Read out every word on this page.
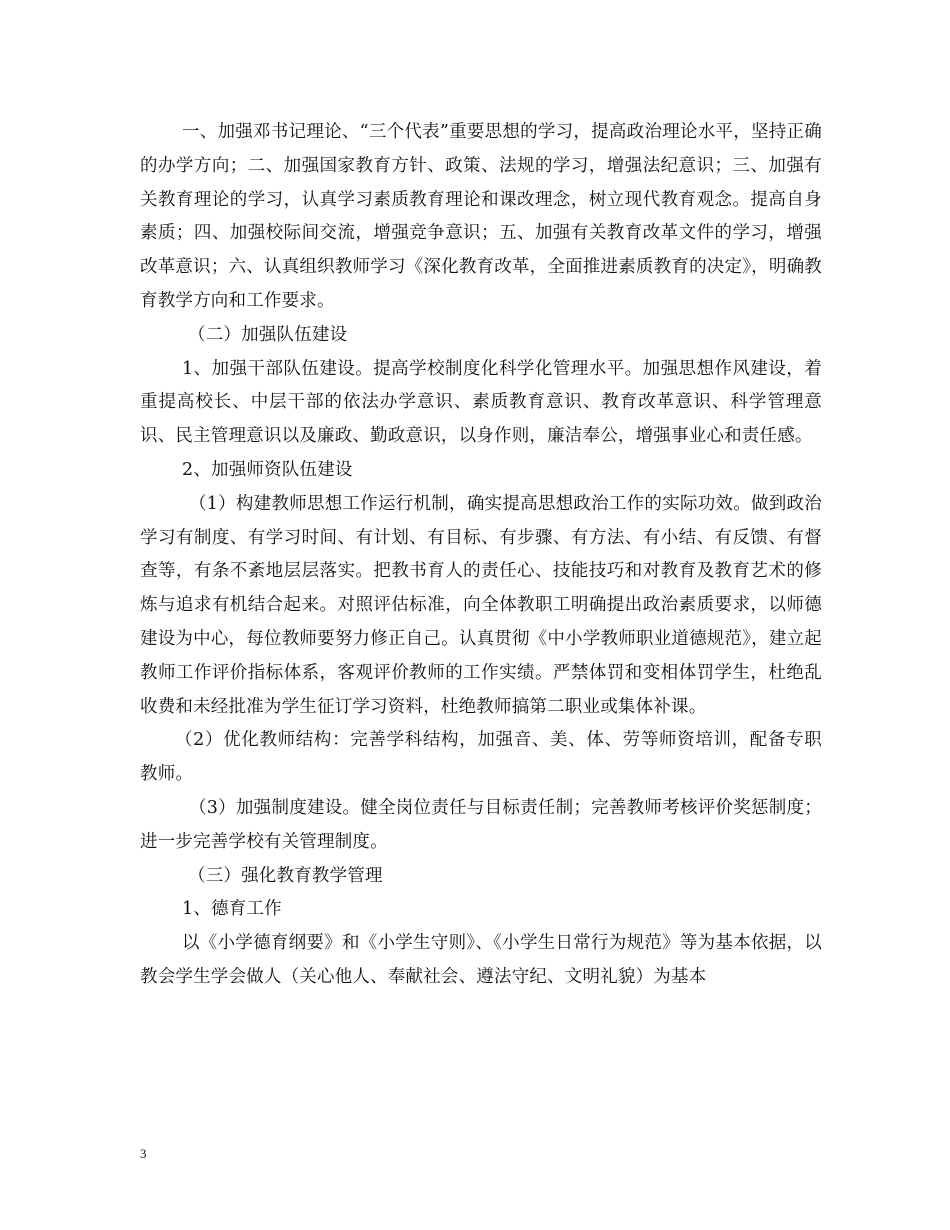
一、加强邓书记理论、“三个代表”重要思想的学习，提高政治理论水平，坚持正确的办学方向；二、加强国家教育方针、政策、法规的学习，增强法纪意识；三、加强有关教育理论的学习，认真学习素质教育理论和课改理念，树立现代教育观念。提高自身素质；四、加强校际间交流，增强竞争意识；五、加强有关教育改革文件的学习，增强改革意识；六、认真组织教师学习《深化教育改革，全面推进素质教育的决定》，明确教育教学方向和工作要求。

（二）加强队伍建设

1、加强干部队伍建设。提高学校制度化科学化管理水平。加强思想作风建设，着重提高校长、中层干部的依法办学意识、素质教育意识、教育改革意识、科学管理意识、民主管理意识以及廉政、勤政意识，以身作则，廉洁奉公，增强事业心和责任感。

2、加强师资队伍建设

（1）构建教师思想工作运行机制，确实提高思想政治工作的实际功效。做到政治学习有制度、有学习时间、有计划、有目标、有步骤、有方法、有小结、有反馈、有督查等，有条不紊地层层落实。把教书育人的责任心、技能技巧和对教育及教育艺术的修炼与追求有机结合起来。对照评估标准，向全体教职工明确提出政治素质要求，以师德建设为中心，每位教师要努力修正自己。认真贯彻《中小学教师职业道德规范》，建立起教师工作评价指标体系，客观评价教师的工作实绩。严禁体罚和变相体罚学生，杜绝乱收费和未经批准为学生征订学习资料，杜绝教师搞第二职业或集体补课。

（2）优化教师结构：完善学科结构，加强音、美、体、劳等师资培训，配备专职教师。

（3）加强制度建设。健全岗位责任与目标责任制；完善教师考核评价奖惩制度；进一步完善学校有关管理制度。

（三）强化教育教学管理

1、德育工作

以《小学德育纲要》和《小学生守则》、《小学生日常行为规范》等为基本依据，以教会学生学会做人（关心他人、奉献社会、遵法守纪、文明礼貌）为基本

3
